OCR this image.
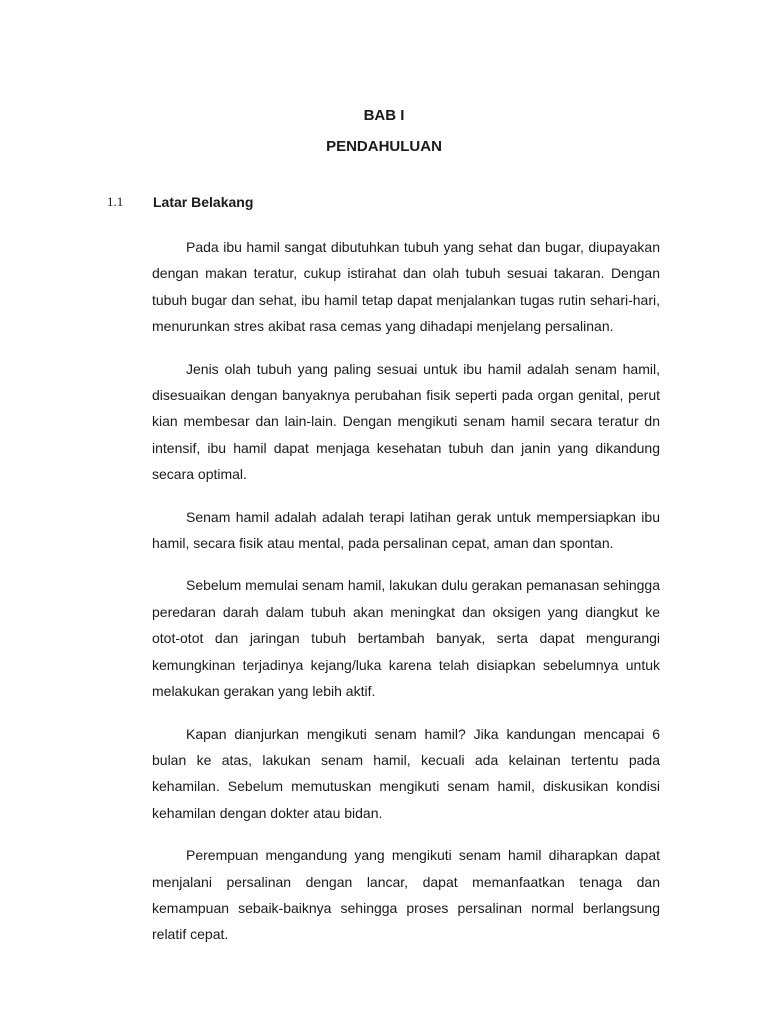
BAB I
PENDAHULUAN
1.1 Latar Belakang

Pada ibu hamil sangat dibutuhkan tubuh yang sehat dan bugar, diupayakan dengan makan teratur, cukup istirahat dan olah tubuh sesuai takaran. Dengan tubuh bugar dan sehat, ibu hamil tetap dapat menjalankan tugas rutin sehari-hari, menurunkan stres akibat rasa cemas yang dihadapi menjelang persalinan.

Jenis olah tubuh yang paling sesuai untuk ibu hamil adalah senam hamil, disesuaikan dengan banyaknya perubahan fisik seperti pada organ genital, perut kian membesar dan lain-lain. Dengan mengikuti senam hamil secara teratur dn intensif, ibu hamil dapat menjaga kesehatan tubuh dan janin yang dikandung secara optimal.

Senam hamil adalah adalah terapi latihan gerak untuk mempersiapkan ibu hamil, secara fisik atau mental, pada persalinan cepat, aman dan spontan.

Sebelum memulai senam hamil, lakukan dulu gerakan pemanasan sehingga peredaran darah dalam tubuh akan meningkat dan oksigen yang diangkut ke otot-otot dan jaringan tubuh bertambah banyak, serta dapat mengurangi kemungkinan terjadinya kejang/luka karena telah disiapkan sebelumnya untuk melakukan gerakan yang lebih aktif.

Kapan dianjurkan mengikuti senam hamil? Jika kandungan mencapai 6 bulan ke atas, lakukan senam hamil, kecuali ada kelainan tertentu pada kehamilan. Sebelum memutuskan mengikuti senam hamil, diskusikan kondisi kehamilan dengan dokter atau bidan.

Perempuan mengandung yang mengikuti senam hamil diharapkan dapat menjalani persalinan dengan lancar, dapat memanfaatkan tenaga dan kemampuan sebaik-baiknya sehingga proses persalinan normal berlangsung relatif cepat.
